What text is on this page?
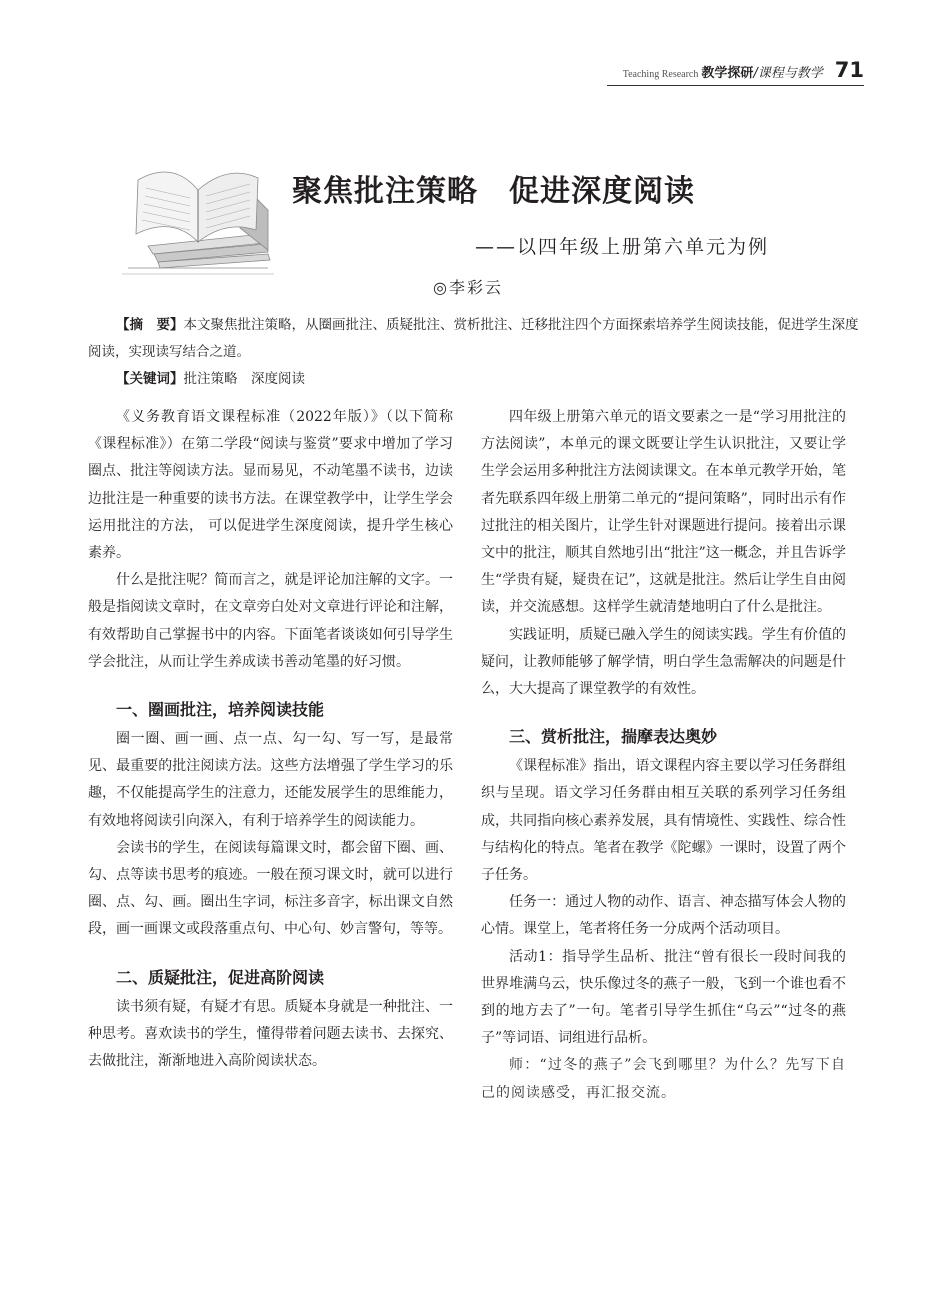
Teaching Research 教学探研 /课程与教学 71
聚焦批注策略　促进深度阅读
——以四年级上册第六单元为例
◎李彩云

【摘　要】本文聚焦批注策略，从圈画批注、质疑批注、赏析批注、迁移批注四个方面探索培养学生阅读技能，促进学生深度阅读，实现读写结合之道。

【关键词】批注策略　深度阅读

《义务教育语文课程标准（2022年版）》（以下简称《课程标准》）在第二学段“阅读与鉴赏”要求中增加了学习圈点、批注等阅读方法。显而易见，不动笔墨不读书，边读边批注是一种重要的读书方法。在课堂教学中，让学生学会运用批注的方法， 可以促进学生深度阅读，提升学生核心素养。

什么是批注呢？简而言之，就是评论加注解的文字。一般是指阅读文章时，在文章旁白处对文章进行评论和注解，有效帮助自己掌握书中的内容。下面笔者谈谈如何引导学生学会批注，从而让学生养成读书善动笔墨的好习惯。

一、圈画批注，培养阅读技能

圈一圈、画一画、点一点、勾一勾、写一写，是最常见、最重要的批注阅读方法。这些方法增强了学生学习的乐趣，不仅能提高学生的注意力，还能发展学生的思维能力，有效地将阅读引向深入，有利于培养学生的阅读能力。

会读书的学生，在阅读每篇课文时，都会留下圈、画、勾、点等读书思考的痕迹。一般在预习课文时，就可以进行圈、点、勾、画。圈出生字词，标注多音字，标出课文自然段，画一画课文或段落重点句、中心句、妙言警句，等等。

二、质疑批注，促进高阶阅读

读书须有疑，有疑才有思。质疑本身就是一种批注、一种思考。喜欢读书的学生，懂得带着问题去读书、去探究、去做批注，渐渐地进入高阶阅读状态。

四年级上册第六单元的语文要素之一是“学习用批注的方法阅读”，本单元的课文既要让学生认识批注，又要让学生学会运用多种批注方法阅读课文。在本单元教学开始，笔者先联系四年级上册第二单元的“提问策略”，同时出示有作过批注的相关图片，让学生针对课题进行提问。接着出示课文中的批注，顺其自然地引出“批注”这一概念，并且告诉学生“学贵有疑，疑贵在记”，这就是批注。然后让学生自由阅读，并交流感想。这样学生就清楚地明白了什么是批注。

实践证明，质疑已融入学生的阅读实践。学生有价值的疑问，让教师能够了解学情，明白学生急需解决的问题是什么，大大提高了课堂教学的有效性。

三、赏析批注，揣摩表达奥妙

《课程标准》指出，语文课程内容主要以学习任务群组织与呈现。语文学习任务群由相互关联的系列学习任务组成，共同指向核心素养发展，具有情境性、实践性、综合性与结构化的特点。笔者在教学《陀螺》一课时，设置了两个子任务。

任务一：通过人物的动作、语言、神态描写体会人物的心情。课堂上，笔者将任务一分成两个活动项目。

活动1：指导学生品析、批注“曾有很长一段时间我的世界堆满乌云，快乐像过冬的燕子一般，飞到一个谁也看不到的地方去了”一句。笔者引导学生抓住“乌云”“过冬的燕子”等词语、词组进行品析。

师：“过冬的燕子”会飞到哪里？为什么？先写下自己的阅读感受，再汇报交流。
